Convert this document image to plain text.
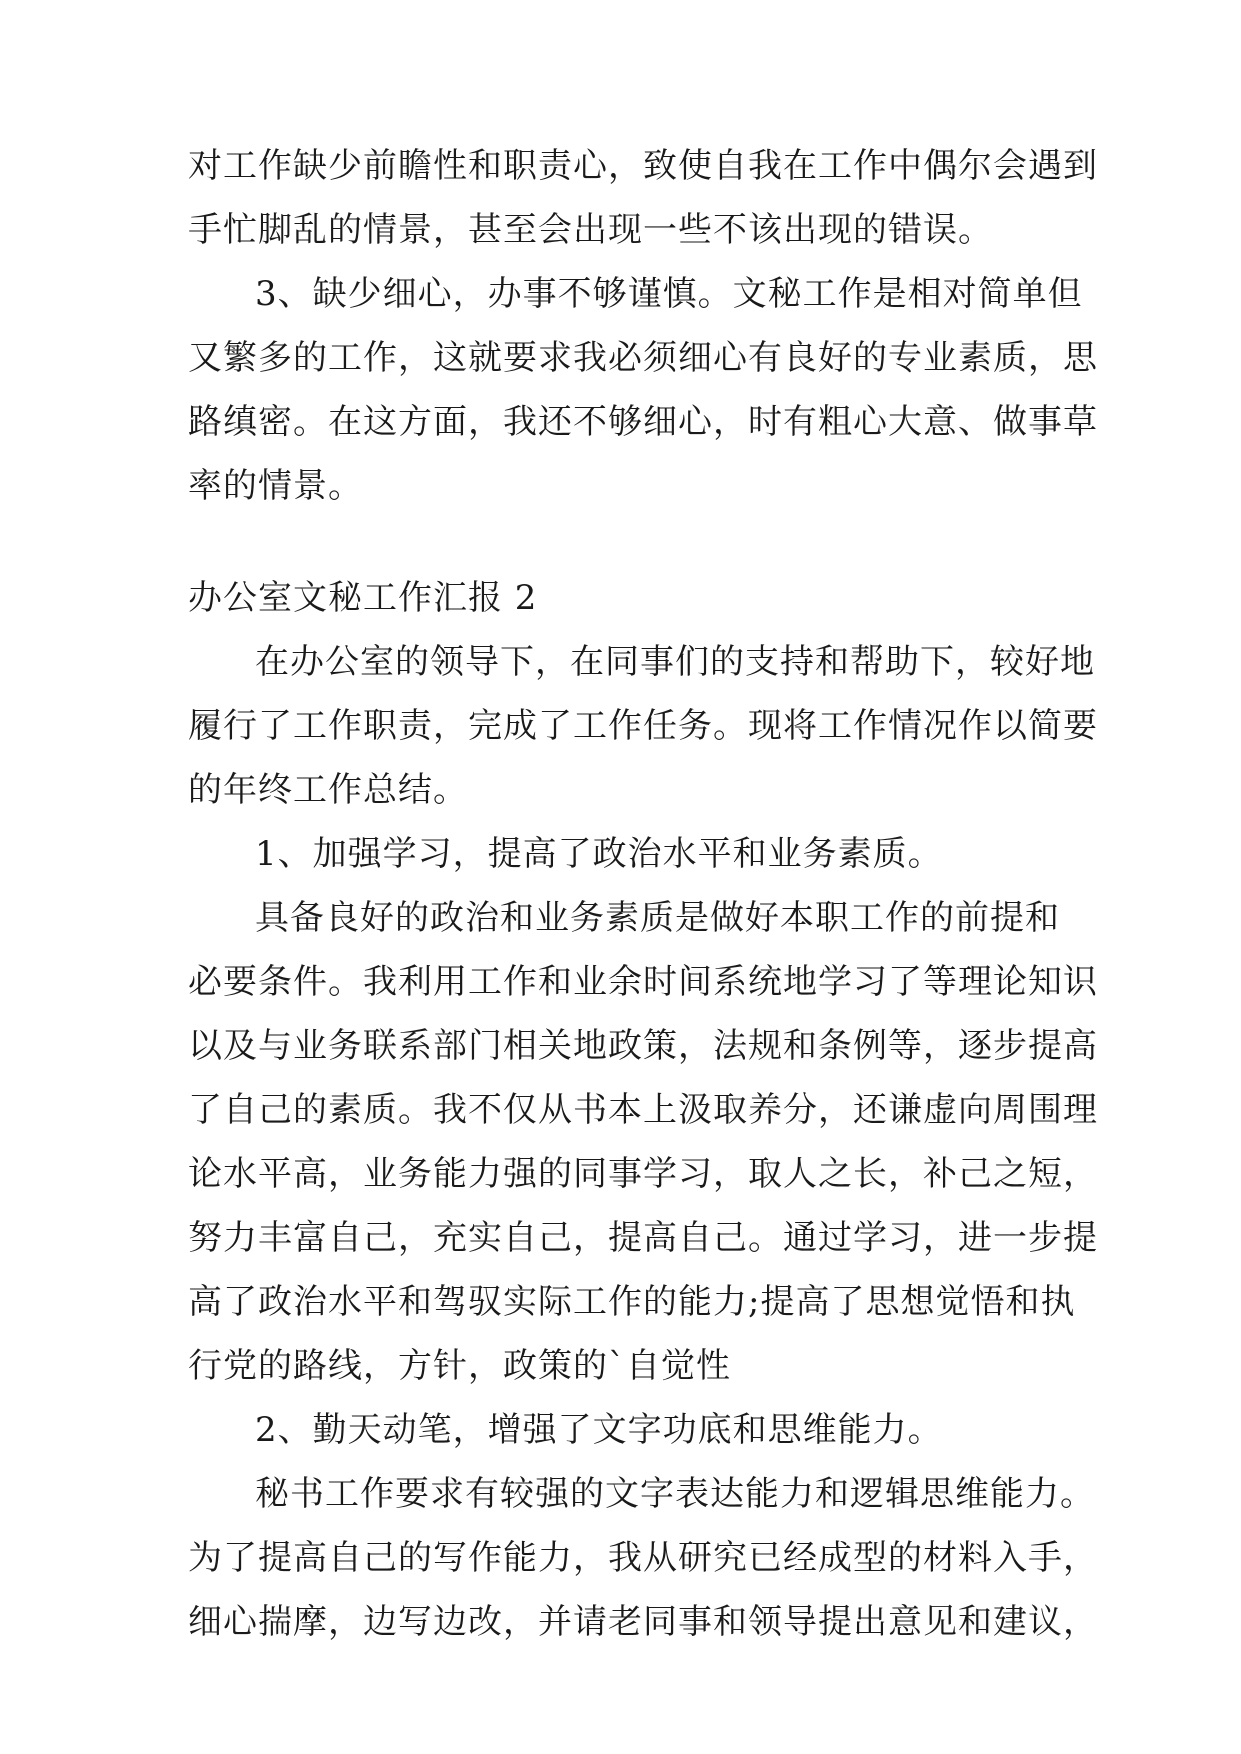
对 工 作 缺 少 前 瞻 性 和 职 责 心 ， 致 使 自 我 在 工 作 中 偶 尔 会 遇 到
手忙脚乱的情景，甚至会出现一些不该出现的错误。
3 、 缺 少 细 心 ， 办 事 不 够 谨 慎 。 文 秘 工 作 是 相 对 简 单 但
又 繁 多 的 工 作 ， 这 就 要 求 我 必 须 细 心 有 良 好 的 专 业 素 质 ， 思
路 缜 密 。 在 这 方 面 ， 我 还 不 够 细 心 ， 时 有 粗 心 大 意 、 做 事 草
率的情景。
办公室文秘工作汇报 2
在 办 公 室 的 领 导 下 ， 在 同 事 们 的 支 持 和 帮 助 下 ， 较 好 地
履 行 了 工 作 职 责 ， 完 成 了 工 作 任 务 。 现 将 工 作 情 况 作 以 简 要
的年终工作总结。
1、加强学习，提高了政治水平和业务素质。
具 备 良 好 的 政 治 和 业 务 素 质 是 做 好 本 职 工 作 的 前 提 和
必 要 条 件 。 我 利 用 工 作 和 业 余 时 间 系 统 地 学 习 了 等 理 论 知 识
以 及 与 业 务 联 系 部 门 相 关 地 政 策 ， 法 规 和 条 例 等 ， 逐 步 提 高
了 自 己 的 素 质 。 我 不 仅 从 书 本 上 汲 取 养 分 ， 还 谦 虚 向 周 围 理
论 水 平 高 ， 业 务 能 力 强 的 同 事 学 习 ， 取 人 之 长 ， 补 己 之 短 ，
努 力 丰 富 自 己 ， 充 实 自 己 ， 提 高 自 己 。 通 过 学 习 ， 进 一 步 提
高 了 政 治 水 平 和 驾 驭 实 际 工 作 的 能 力 ; 提 高 了 思 想 觉 悟 和 执
行党的路线，方针，政策的`自觉性
2、勤天动笔，增强了文字功底和思维能力。
秘 书 工 作 要 求 有 较 强 的 文 字 表 达 能 力 和 逻 辑 思 维 能 力 。
为 了 提 高 自 己 的 写 作 能 力 ， 我 从 研 究 已 经 成 型 的 材 料 入 手 ，
细 心 揣 摩 ， 边 写 边 改 ， 并 请 老 同 事 和 领 导 提 出 意 见 和 建 议 ，
